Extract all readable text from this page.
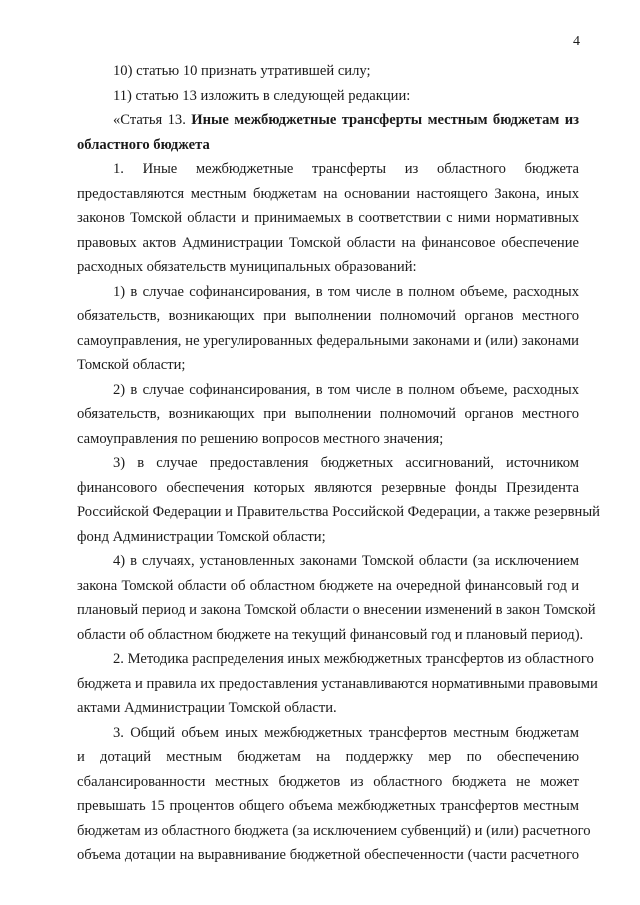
4
10) статью 10 признать утратившей силу;
11) статью 13 изложить в следующей редакции:
«Статья 13. Иные межбюджетные трансферты местным бюджетам из
областного бюджета
1. Иные межбюджетные трансферты из областного бюджета
предоставляются местным бюджетам на основании настоящего Закона, иных
законов Томской области и принимаемых в соответствии с ними нормативных
правовых актов Администрации Томской области на финансовое обеспечение
расходных обязательств муниципальных образований:
1) в случае софинансирования, в том числе в полном объеме, расходных
обязательств, возникающих при выполнении полномочий органов местного
самоуправления, не урегулированных федеральными законами и (или) законами
Томской области;
2) в случае софинансирования, в том числе в полном объеме, расходных
обязательств, возникающих при выполнении полномочий органов местного
самоуправления по решению вопросов местного значения;
3) в случае предоставления бюджетных ассигнований, источником
финансового обеспечения которых являются резервные фонды Президента
Российской Федерации и Правительства Российской Федерации, а также резервный
фонд Администрации Томской области;
4) в случаях, установленных законами Томской области (за исключением
закона Томской области об областном бюджете на очередной финансовый год и
плановый период и закона Томской области о внесении изменений в закон Томской
области об областном бюджете на текущий финансовый год и плановый период).
2. Методика распределения иных межбюджетных трансфертов из областного
бюджета и правила их предоставления устанавливаются нормативными правовыми
актами Администрации Томской области.
3. Общий объем иных межбюджетных трансфертов местным бюджетам
и дотаций местным бюджетам на поддержку мер по обеспечению
сбалансированности местных бюджетов из областного бюджета не может
превышать 15 процентов общего объема межбюджетных трансфертов местным
бюджетам из областного бюджета (за исключением субвенций) и (или) расчетного
объема дотации на выравнивание бюджетной обеспеченности (части расчетного
